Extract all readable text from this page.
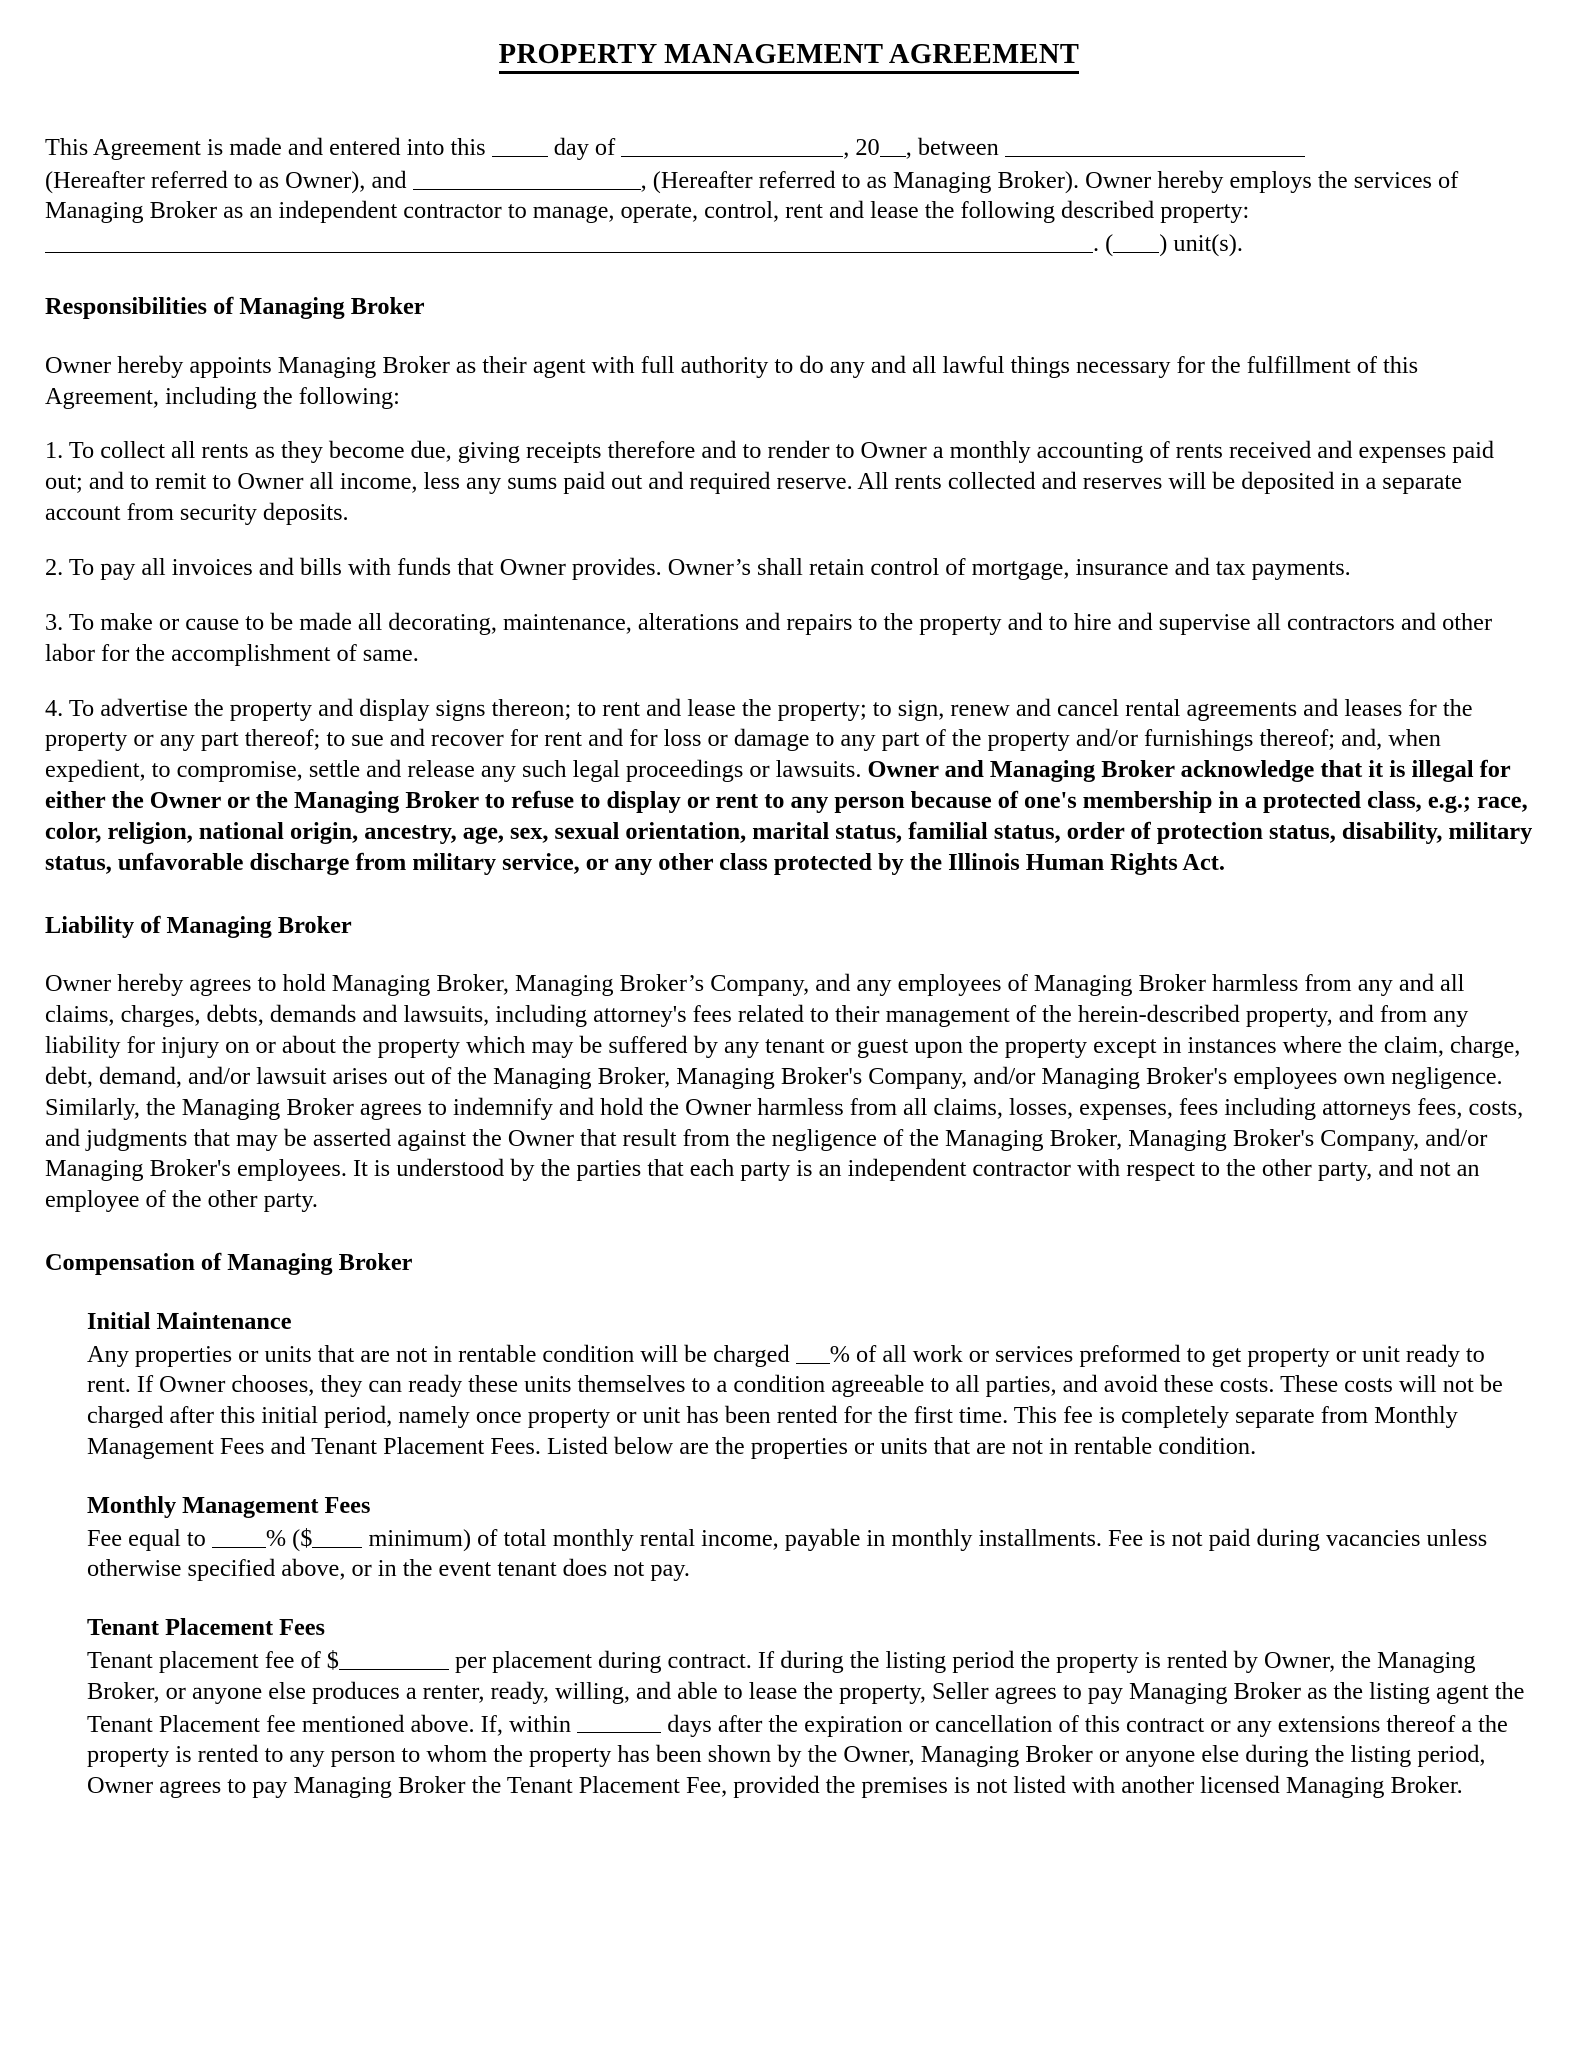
PROPERTY MANAGEMENT AGREEMENT

This Agreement is made and entered into this  day of	, 20 , between
(Hereafter referred to as Owner), and	, (Hereafter referred to as Managing Broker). Owner hereby employs the services of Managing Broker as an independent contractor to manage, operate, control, rent and lease the following described property:
. ( ) unit(s).

Responsibilities of Managing Broker

Owner hereby appoints Managing Broker as their agent with full authority to do any and all lawful things necessary for the fulfillment of this Agreement, including the following:

1. To collect all rents as they become due, giving receipts therefore and to render to Owner a monthly accounting of rents received and expenses paid out; and to remit to Owner all income, less any sums paid out and required reserve. All rents collected and reserves will be deposited in a separate account from security deposits.

2. To pay all invoices and bills with funds that Owner provides. Owner’s shall retain control of mortgage, insurance and tax payments.

3. To make or cause to be made all decorating, maintenance, alterations and repairs to the property and to hire and supervise all contractors and other labor for the accomplishment of same.

4. To advertise the property and display signs thereon; to rent and lease the property; to sign, renew and cancel rental agreements and leases for the property or any part thereof; to sue and recover for rent and for loss or damage to any part of the property and/or furnishings thereof; and, when expedient, to compromise, settle and release any such legal proceedings or lawsuits. Owner and Managing Broker acknowledge that it is illegal for either the Owner or the Managing Broker to refuse to display or rent to any person because of one's membership in a protected class, e.g.; race, color, religion, national origin, ancestry, age, sex, sexual orientation, marital status, familial status, order of protection status, disability, military status, unfavorable discharge from military service, or any other class protected by the Illinois Human Rights Act.

Liability of Managing Broker

Owner hereby agrees to hold Managing Broker, Managing Broker’s Company, and any employees of Managing Broker harmless from any and all claims, charges, debts, demands and lawsuits, including attorney's fees related to their management of the herein-described property, and from any liability for injury on or about the property which may be suffered by any tenant or guest upon the property except in instances where the claim, charge, debt, demand, and/or lawsuit arises out of the Managing Broker, Managing Broker's Company, and/or Managing Broker's employees own negligence. Similarly, the Managing Broker agrees to indemnify and hold the Owner harmless from all claims, losses, expenses, fees including attorneys fees, costs, and judgments that may be asserted against the Owner that result from the negligence of the Managing Broker, Managing Broker's Company, and/or Managing Broker's employees. It is understood by the parties that each party is an independent contractor with respect to the other party, and not an employee of the other party.

Compensation of Managing Broker

Initial Maintenance

Any properties or units that are not in rentable condition will be charged % of all work or services preformed to get property or unit ready to rent. If Owner chooses, they can ready these units themselves to a condition agreeable to all parties, and avoid these costs. These costs will not be charged after this initial period, namely once property or unit has been rented for the first time. This fee is completely separate from Monthly Management Fees and Tenant Placement Fees. Listed below are the properties or units that are not in rentable condition.

Monthly Management Fees

Fee equal to % ($ minimum) of total monthly rental income, payable in monthly installments. Fee is not paid during vacancies unless otherwise specified above, or in the event tenant does not pay.

Tenant Placement Fees

Tenant placement fee of $	per placement during contract. If during the listing period the property is rented by Owner, the Managing Broker, or anyone else produces a renter, ready, willing, and able to lease the property, Seller agrees to pay Managing Broker as the listing agent the Tenant Placement fee mentioned above. If, within	days after the expiration or cancellation of this contract or any extensions thereof a the property is rented to any person to whom the property has been shown by the Owner, Managing Broker or anyone else during the listing period, Owner agrees to pay Managing Broker the Tenant Placement Fee, provided the premises is not listed with another licensed Managing Broker.
